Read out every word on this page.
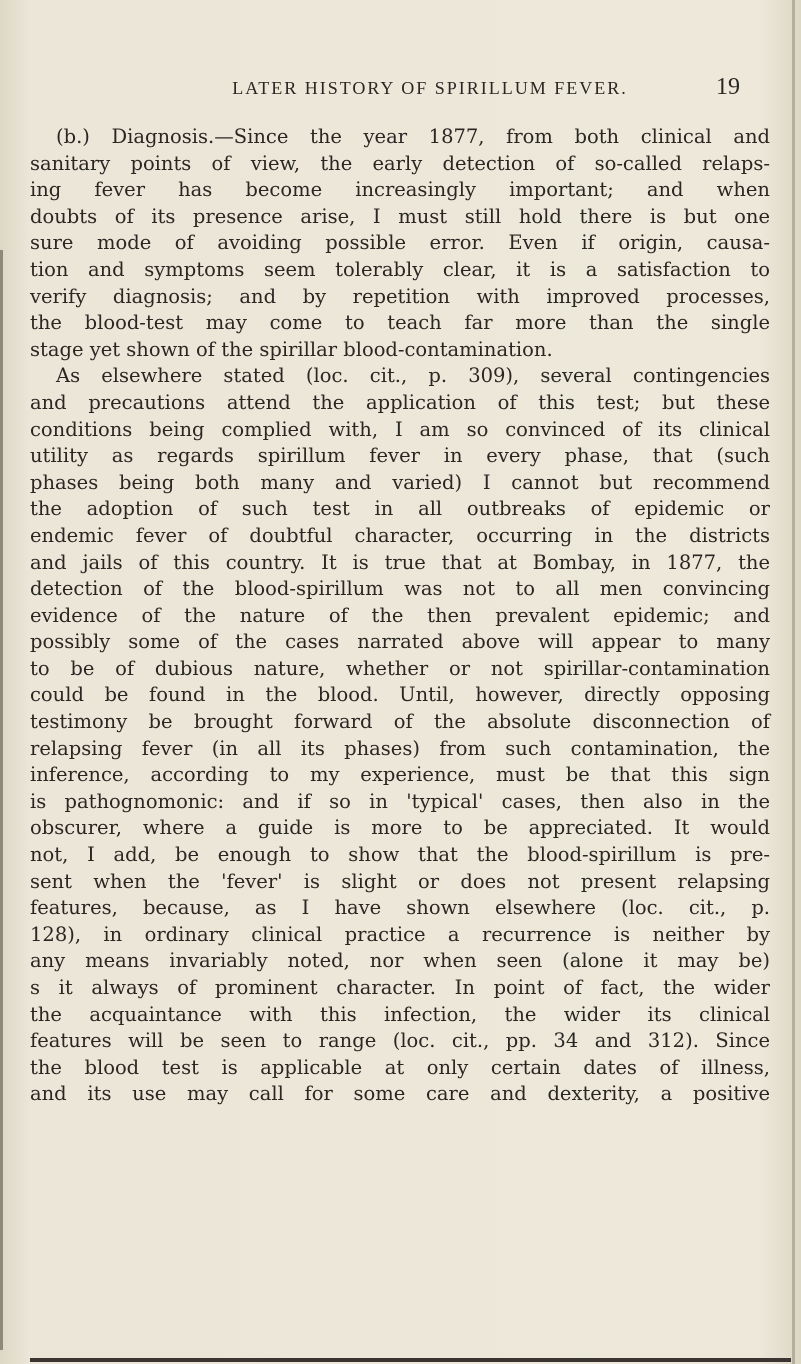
LATER HISTORY OF SPIRILLUM FEVER.	19
(b.) Diagnosis.—Since the year 1877, from both clinical and
sanitary points of view, the early detection of so-called relaps-
ing fever has become increasingly important; and when
doubts of its presence arise, I must still hold there is but one
sure mode of avoiding possible error. Even if origin, causa-
tion and symptoms seem tolerably clear, it is a satisfaction to
verify diagnosis; and by repetition with improved processes,
the blood-test may come to teach far more than the single
stage yet shown of the spirillar blood-contamination.
As elsewhere stated (loc. cit., p. 309), several contingencies
and precautions attend the application of this test; but these
conditions being complied with, I am so convinced of its clinical
utility as regards spirillum fever in every phase, that (such
phases being both many and varied) I cannot but recommend
the adoption of such test in all outbreaks of epidemic or
endemic fever of doubtful character, occurring in the districts
and jails of this country. It is true that at Bombay, in 1877, the
detection of the blood-spirillum was not to all men convincing
evidence of the nature of the then prevalent epidemic; and
possibly some of the cases narrated above will appear to many
to be of dubious nature, whether or not spirillar-contamination
could be found in the blood. Until, however, directly opposing
testimony be brought forward of the absolute disconnection of
relapsing fever (in all its phases) from such contamination, the
inference, according to my experience, must be that this sign
is pathognomonic: and if so in 'typical' cases, then also in the
obscurer, where a guide is more to be appreciated. It would
not, I add, be enough to show that the blood-spirillum is pre-
sent when the 'fever' is slight or does not present relapsing
features, because, as I have shown elsewhere (loc. cit., p.
128), in ordinary clinical practice a recurrence is neither by
any means invariably noted, nor when seen (alone it may be)
s it always of prominent character. In point of fact, the wider
the acquaintance with this infection, the wider its clinical
features will be seen to range (loc. cit., pp. 34 and 312). Since
the blood test is applicable at only certain dates of illness,
and its use may call for some care and dexterity, a positive
